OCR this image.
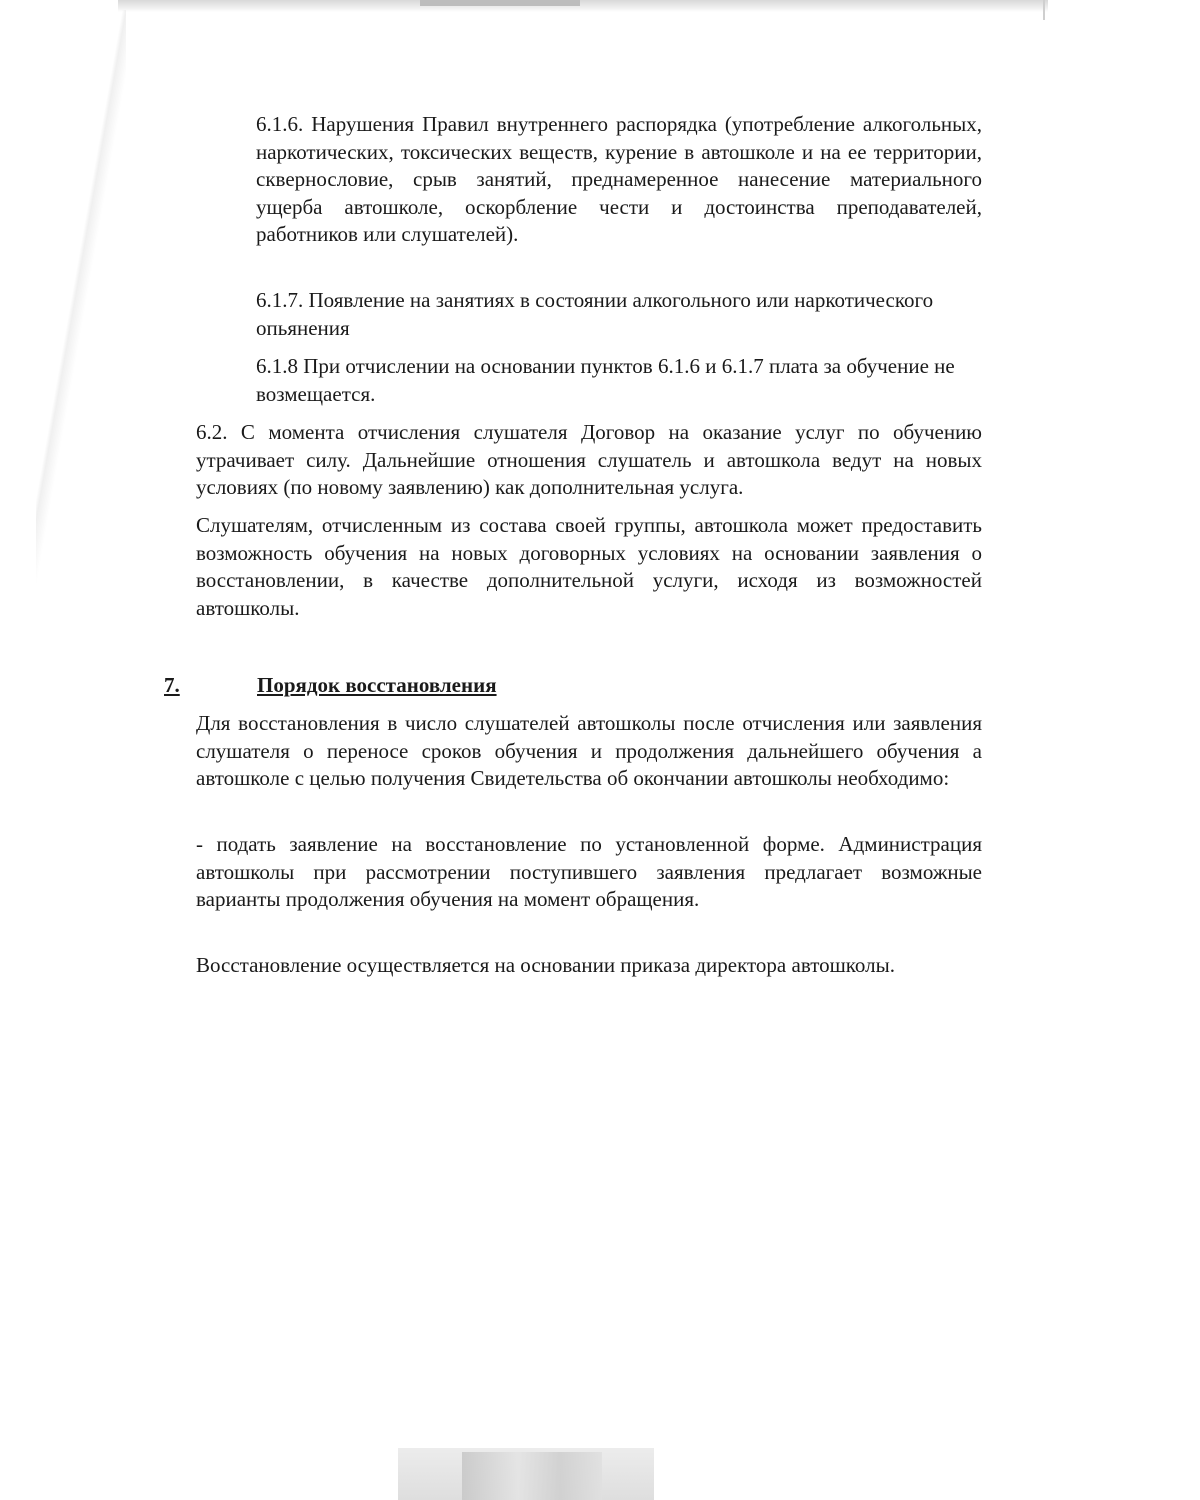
6.1.6. Нарушения Правил внутреннего распорядка (употребление алкогольных, наркотических, токсических веществ, курение в автошколе и на ее территории, сквернословие, срыв занятий, преднамеренное нанесение материального ущерба автошколе, оскорбление чести и достоинства преподавателей, работников или слушателей).

6.1.7. Появление на занятиях в состоянии алкогольного или наркотического опьянения

6.1.8 При отчислении на основании пунктов 6.1.6 и 6.1.7 плата за обучение не возмещается.

6.2. С момента отчисления слушателя Договор на оказание услуг по обучению утрачивает силу. Дальнейшие отношения слушатель и автошкола ведут на новых условиях (по новому заявлению) как дополнительная услуга.

Слушателям, отчисленным из состава своей группы, автошкола может предоставить возможность обучения на новых договорных условиях на основании заявления о восстановлении, в качестве дополнительной услуги, исходя из возможностей автошколы.

7.	Порядок восстановления

Для восстановления в число слушателей автошколы после отчисления или заявления слушателя о переносе сроков обучения и продолжения дальнейшего обучения а автошколе с целью получения Свидетельства об окончании автошколы необходимо:

- подать заявление на восстановление по установленной форме. Администрация автошколы при рассмотрении поступившего заявления предлагает возможные варианты продолжения обучения на момент обращения.

Восстановление осуществляется на основании приказа директора автошколы.
